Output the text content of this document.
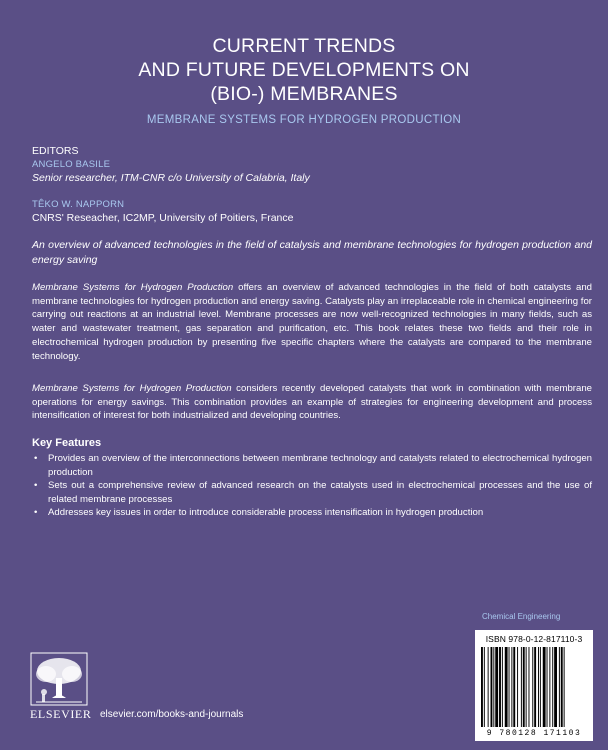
CURRENT TRENDS
AND FUTURE DEVELOPMENTS ON
(BIO-) MEMBRANES
MEMBRANE SYSTEMS FOR HYDROGEN PRODUCTION
EDITORS
ANGELO BASILE
Senior researcher, ITM-CNR c/o University of Calabria, Italy
TÊKO W. NAPPORN
CNRS' Reseacher, IC2MP, University of Poitiers, France
An overview of advanced technologies in the field of catalysis and membrane technologies for hydrogen production and energy saving
Membrane Systems for Hydrogen Production offers an overview of advanced technologies in the field of both catalysts and membrane technologies for hydrogen production and energy saving. Catalysts play an irreplaceable role in chemical engineering for carrying out reactions at an industrial level. Membrane processes are now well-recognized technologies in many fields, such as water and wastewater treatment, gas separation and purification, etc. This book relates these two fields and their role in electrochemical hydrogen production by presenting five specific chapters where the catalysts are compared to the membrane technology.
Membrane Systems for Hydrogen Production considers recently developed catalysts that work in combination with membrane operations for energy savings. This combination provides an example of strategies for engineering development and process intensification of interest for both industrialized and developing countries.
Key Features
• Provides an overview of the interconnections between membrane technology and catalysts related to electrochemical hydrogen production
• Sets out a comprehensive review of advanced research on the catalysts used in electrochemical processes and the use of related membrane processes
• Addresses key issues in order to introduce considerable process intensification in hydrogen production
Chemical Engineering
ISBN 978-0-12-817110-3
9 780128 171103
ELSEVIER elsevier.com/books-and-journals
